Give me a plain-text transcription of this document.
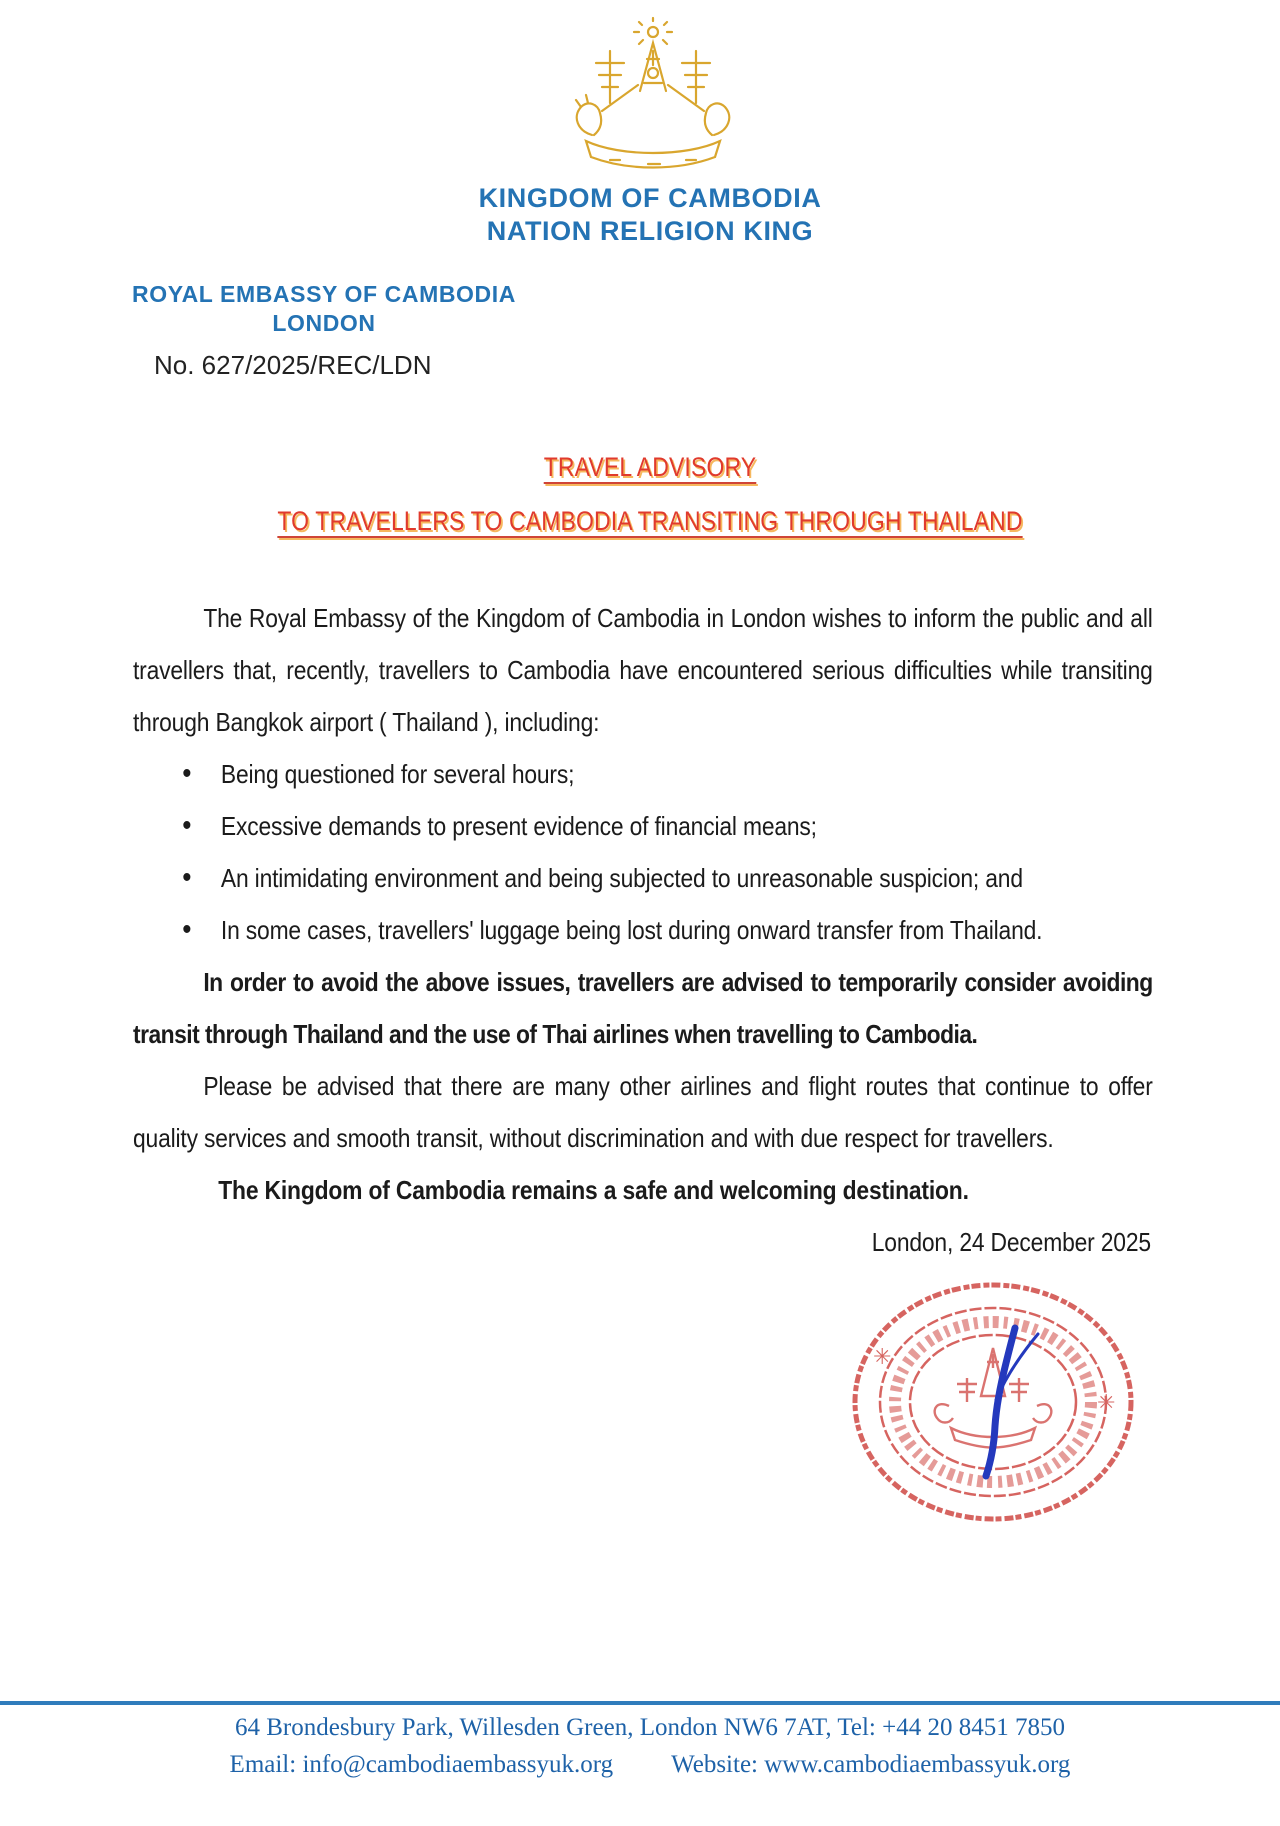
KINGDOM OF CAMBODIA
NATION RELIGION KING
ROYAL EMBASSY OF CAMBODIA
LONDON
No. 627/2025/REC/LDN
TRAVEL ADVISORY
TO TRAVELLERS TO CAMBODIA TRANSITING THROUGH THAILAND

The Royal Embassy of the Kingdom of Cambodia in London wishes to inform the public and all travellers that, recently, travellers to Cambodia have encountered serious difficulties while transiting through Bangkok airport ( Thailand ), including:

• Being questioned for several hours;
• Excessive demands to present evidence of financial means;
• An intimidating environment and being subjected to unreasonable suspicion; and
• In some cases, travellers' luggage being lost during onward transfer from Thailand.

In order to avoid the above issues, travellers are advised to temporarily consider avoiding transit through Thailand and the use of Thai airlines when travelling to Cambodia.

Please be advised that there are many other airlines and flight routes that continue to offer quality services and smooth transit, without discrimination and with due respect for travellers.

The Kingdom of Cambodia remains a safe and welcoming destination.

London, 24 December 2025

✳
✳
64 Brondesbury Park, Willesden Green, London NW6 7AT, Tel: +44 20 8451 7850
Email: info@cambodiaembassyuk.org Website: www.cambodiaembassyuk.org
